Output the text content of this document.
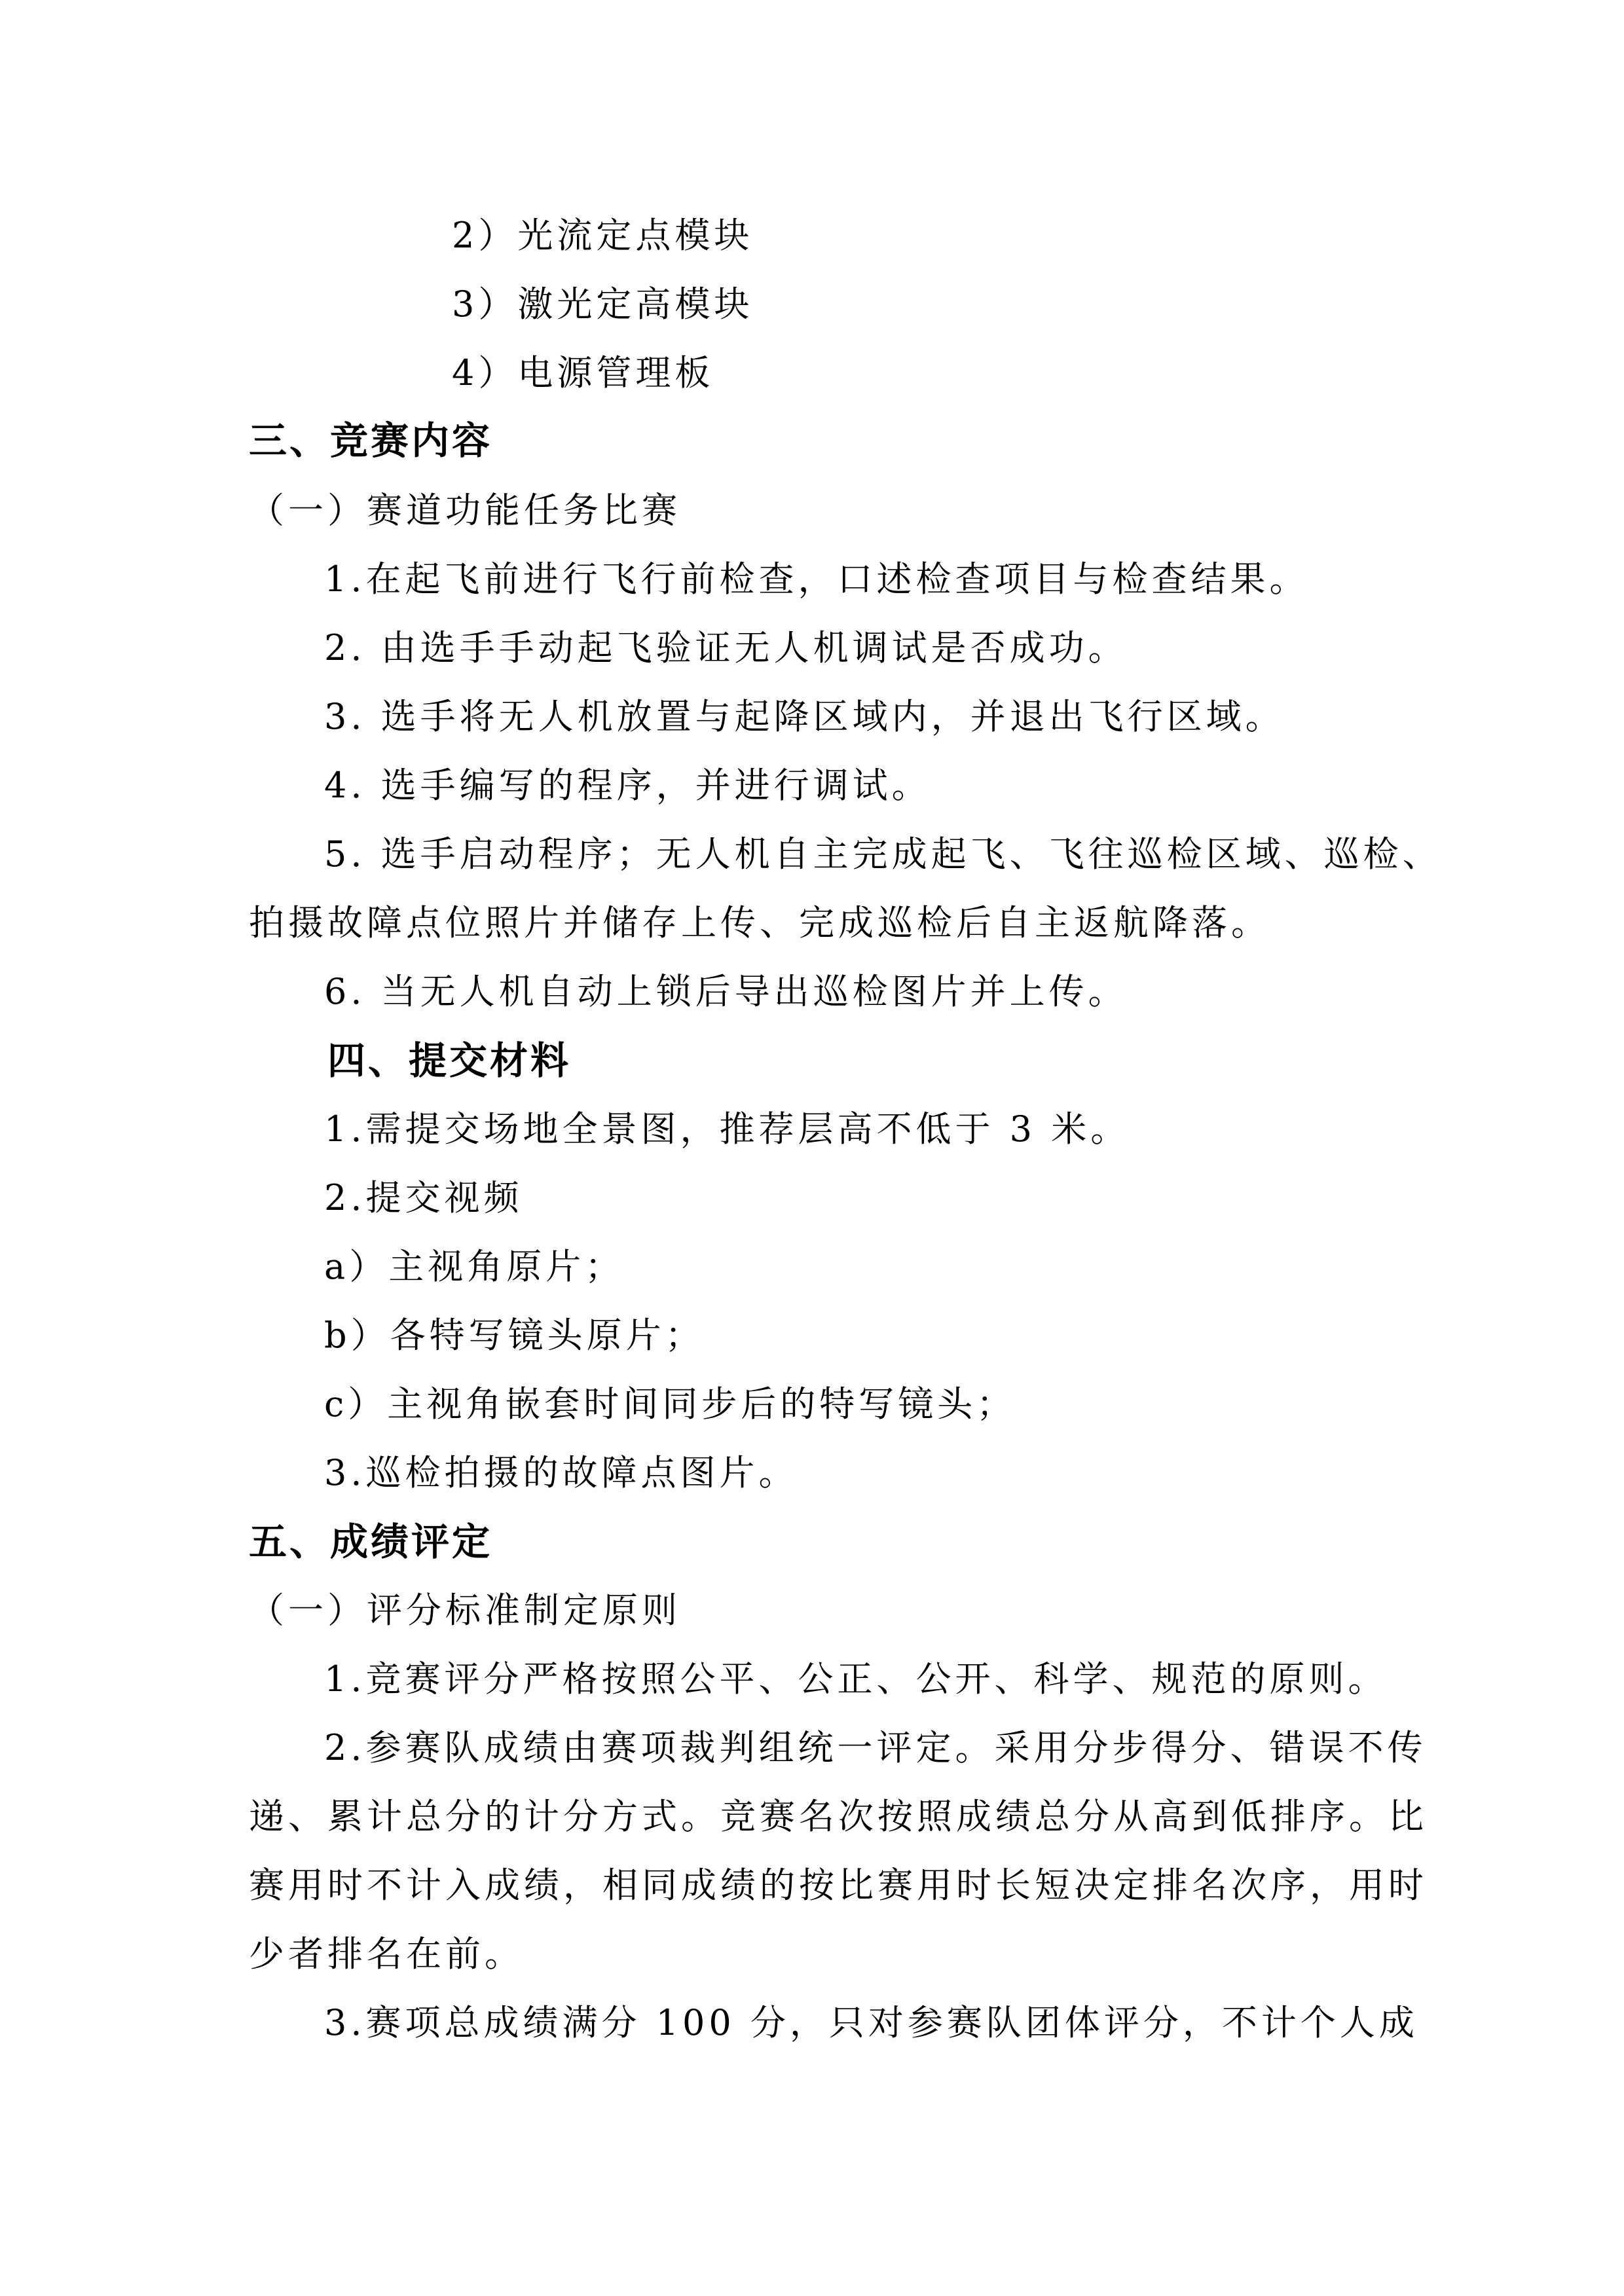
2）光流定点模块
3）激光定高模块
4）电源管理板
三、竞赛内容
（一）赛道功能任务比赛
1.在起飞前进行飞行前检查，口述检查项目与检查结果。
2. 由选手手动起飞验证无人机调试是否成功。
3. 选手将无人机放置与起降区域内，并退出飞行区域。
4. 选手编写的程序，并进行调试。
5. 选手启动程序；无人机自主完成起飞、飞往巡检区域、巡检、
拍摄故障点位照片并储存上传、完成巡检后自主返航降落。
6. 当无人机自动上锁后导出巡检图片并上传。
四、提交材料
1.需提交场地全景图，推荐层高不低于 3 米。
2.提交视频
a）主视角原片；
b）各特写镜头原片；
c）主视角嵌套时间同步后的特写镜头；
3.巡检拍摄的故障点图片。
五、成绩评定
（一）评分标准制定原则
1.竞赛评分严格按照公平、公正、公开、科学、规范的原则。
2.参赛队成绩由赛项裁判组统一评定。采用分步得分、错误不传
递、累计总分的计分方式。竞赛名次按照成绩总分从高到低排序。比
赛用时不计入成绩，相同成绩的按比赛用时长短决定排名次序，用时
少者排名在前。
3.赛项总成绩满分 100 分，只对参赛队团体评分，不计个人成
